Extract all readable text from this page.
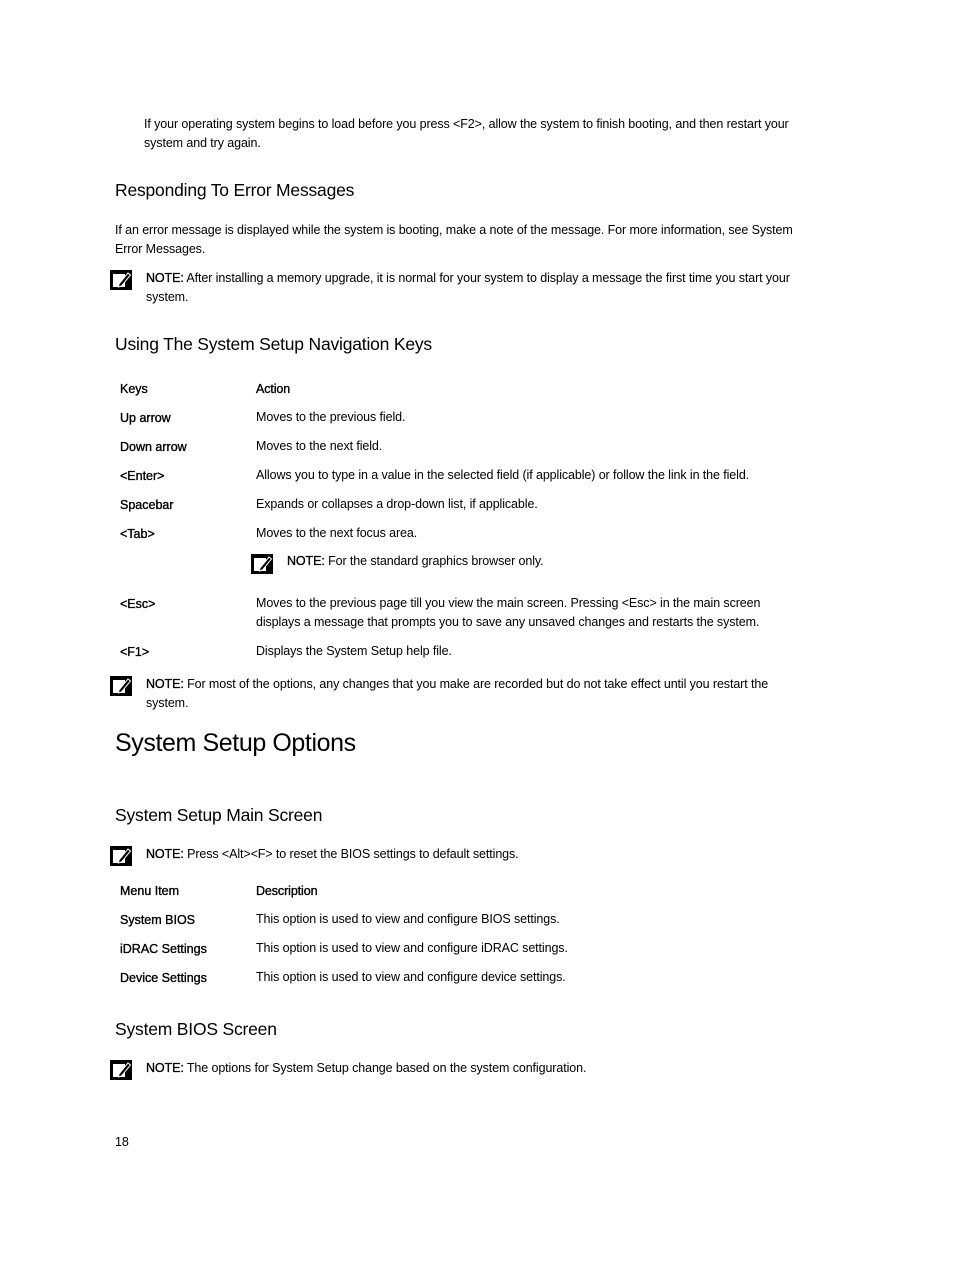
If your operating system begins to load before you press <F2>, allow the system to finish booting, and then restart your system and try again.
Responding To Error Messages
If an error message is displayed while the system is booting, make a note of the message. For more information, see System Error Messages.
NOTE: After installing a memory upgrade, it is normal for your system to display a message the first time you start your system.
Using The System Setup Navigation Keys
Keys	Action
Up arrow	Moves to the previous field.
Down arrow	Moves to the next field.
<Enter>	Allows you to type in a value in the selected field (if applicable) or follow the link in the field.
Spacebar	Expands or collapses a drop-down list, if applicable.
<Tab>	Moves to the next focus area.
NOTE: For the standard graphics browser only.
<Esc>	Moves to the previous page till you view the main screen. Pressing <Esc> in the main screen displays a message that prompts you to save any unsaved changes and restarts the system.
<F1>	Displays the System Setup help file.
NOTE: For most of the options, any changes that you make are recorded but do not take effect until you restart the system.
System Setup Options
System Setup Main Screen
NOTE: Press <Alt><F> to reset the BIOS settings to default settings.
Menu Item	Description
System BIOS	This option is used to view and configure BIOS settings.
iDRAC Settings	This option is used to view and configure iDRAC settings.
Device Settings	This option is used to view and configure device settings.
System BIOS Screen
NOTE: The options for System Setup change based on the system configuration.
18
